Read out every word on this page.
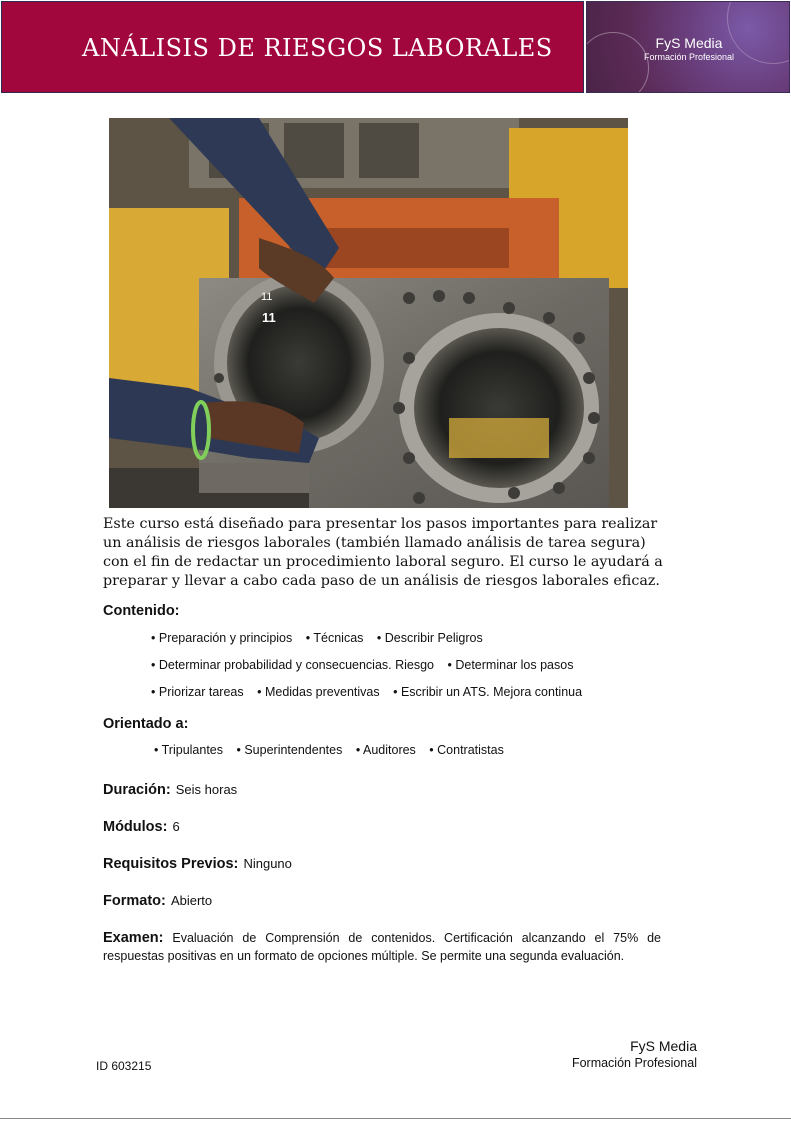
ANÁLISIS DE RIESGOS LABORALES	FyS Media
Formación Profesional
11
11
Este curso está diseñado para presentar los pasos importantes para realizar un análisis de riesgos laborales (también llamado análisis de tarea segura) con el fin de redactar un procedimiento laboral seguro. El curso le ayudará a preparar y llevar a cabo cada paso de un análisis de riesgos laborales eficaz.
Contenido:
• Preparación y principios • Técnicas • Describir Peligros
• Determinar probabilidad y consecuencias. Riesgo • Determinar los pasos
• Priorizar tareas • Medidas preventivas • Escribir un ATS. Mejora continua
Orientado a:
• Tripulantes • Superintendentes • Auditores • Contratistas
Duración: Seis horas
Módulos: 6
Requisitos Previos: Ninguno
Formato: Abierto
Examen: Evaluación de Comprensión de contenidos. Certificación alcanzando el 75% de respuestas positivas en un formato de opciones múltiple. Se permite una segunda evaluación.
ID 603215
FyS Media
Formación Profesional
